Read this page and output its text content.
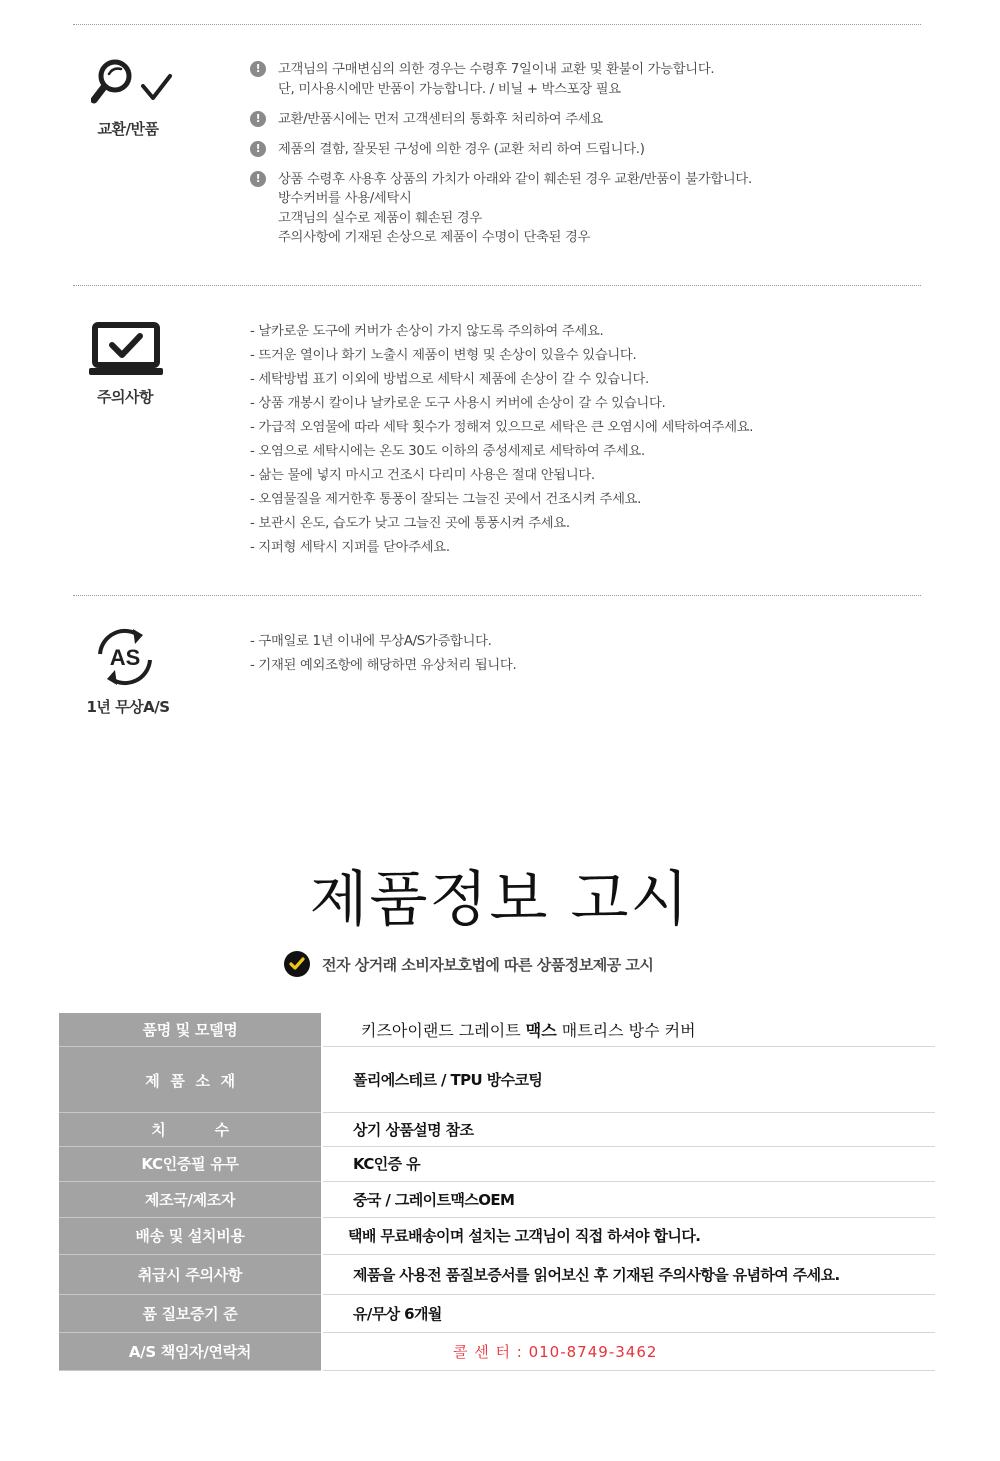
교환/반품
!	고객님의 구매변심의 의한 경우는 수령후 7일이내 교환 및 환불이 가능합니다.
단, 미사용시에만 반품이 가능합니다. / 비닐 + 박스포장 필요
!	교환/반품시에는 먼저 고객센터의 통화후 처리하여 주세요
!	제품의 결함, 잘못된 구성에 의한 경우 (교환 처리 하여 드립니다.)
!	상품 수령후 사용후 상품의 가치가 아래와 같이 훼손된 경우 교환/반품이 불가합니다.
방수커버를 사용/세탁시
고객님의 실수로 제품이 훼손된 경우
주의사항에 기재된 손상으로 제품이 수명이 단축된 경우
주의사항
- 날카로운 도구에 커버가 손상이 가지 않도록 주의하여 주세요.
- 뜨거운 열이나 화기 노출시 제품이 변형 및 손상이 있을수 있습니다.
- 세탁방법 표기 이외에 방법으로 세탁시 제품에 손상이 갈 수 있습니다.
- 상품 개봉시 칼이나 날카로운 도구 사용시 커버에 손상이 갈 수 있습니다.
- 가급적 오염물에 따라 세탁 횟수가 정해져 있으므로 세탁은 큰 오염시에 세탁하여주세요.
- 오염으로 세탁시에는 온도 30도 이하의 중성세제로 세탁하여 주세요.
- 삶는 물에 넣지 마시고 건조시 다리미 사용은 절대 안됩니다.
- 오염물질을 제거한후 통풍이 잘되는 그늘진 곳에서 건조시켜 주세요.
- 보관시 온도, 습도가 낮고 그늘진 곳에 통풍시켜 주세요.
- 지퍼형 세탁시 지퍼를 닫아주세요.
AS
1년 무상A/S
- 구매일로 1년 이내에 무상A/S가증합니다.
- 기재된 예외조항에 해당하면 유상처리 됩니다.
제품정보 고시
전자 상거래 소비자보호법에 따른 상품정보제공 고시
품명 및 모델명	키즈아이랜드 그레이트 맥스 매트리스 방수 커버
제 품 소 재	폴리에스테르 / TPU 방수코팅
치          수	상기 상품설명 참조
KC인증필 유무	KC인증 유
제조국/제조자	중국 / 그레이트맥스OEM
배송 및 설치비용	택배 무료배송이며 설치는 고객님이 직접 하셔야 합니다.
취급시 주의사항	제품을 사용전 품질보증서를 읽어보신 후 기재된 주의사항을 유념하여 주세요.
품 질보증기 준	유/무상 6개월
A/S 책임자/연락처	콜 센 터 : 010-8749-3462
